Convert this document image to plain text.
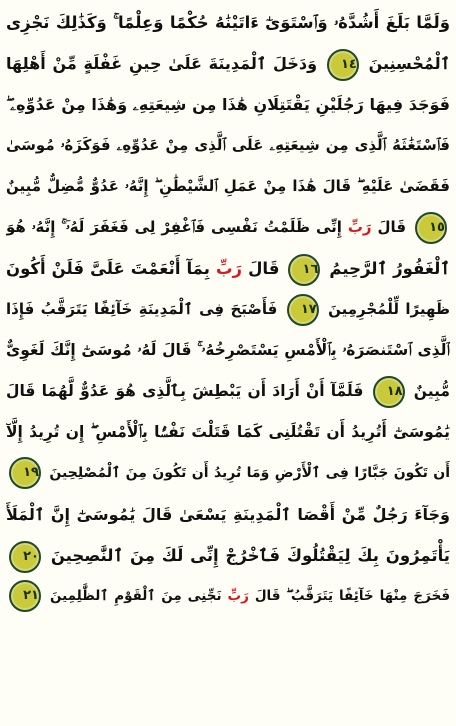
وَلَمَّا بَلَغَ أَشُدَّهُۥ وَٱسْتَوَىٰٓ ءَاتَيْنَٰهُ حُكْمًا وَعِلْمًا ۚ وَكَذَٰلِكَ نَجْزِى
ٱلْمُحْسِنِينَ ١٤ وَدَخَلَ ٱلْمَدِينَةَ عَلَىٰ حِينِ غَفْلَةٍ مِّنْ أَهْلِهَا
فَوَجَدَ فِيهَا رَجُلَيْنِ يَقْتَتِلَانِ هَٰذَا مِن شِيعَتِهِۦ وَهَٰذَا مِنْ عَدُوِّهِۦ ۖ
فَٱسْتَغَٰثَهُ ٱلَّذِى مِن شِيعَتِهِۦ عَلَى ٱلَّذِى مِنْ عَدُوِّهِۦ فَوَكَزَهُۥ مُوسَىٰ
فَقَضَىٰ عَلَيْهِ ۖ قَالَ هَٰذَا مِنْ عَمَلِ ٱلشَّيْطَٰنِ ۖ إِنَّهُۥ عَدُوٌّ مُّضِلٌّ مُّبِينٌ
١٥ قَالَ رَبِّ إِنِّى ظَلَمْتُ نَفْسِى فَٱغْفِرْ لِى فَغَفَرَ لَهُۥٓ ۚ إِنَّهُۥ هُوَ
ٱلْغَفُورُ ٱلرَّحِيمُ ١٦ قَالَ رَبِّ بِمَآ أَنْعَمْتَ عَلَىَّ فَلَنْ أَكُونَ
ظَهِيرًا لِّلْمُجْرِمِينَ ١٧ فَأَصْبَحَ فِى ٱلْمَدِينَةِ خَآئِفًا يَتَرَقَّبُ فَإِذَا
ٱلَّذِى ٱسْتَنصَرَهُۥ بِٱلْأَمْسِ يَسْتَصْرِخُهُۥ ۚ قَالَ لَهُۥ مُوسَىٰٓ إِنَّكَ لَغَوِىٌّ
مُّبِينٌ ١٨ فَلَمَّآ أَنْ أَرَادَ أَن يَبْطِشَ بِٱلَّذِى هُوَ عَدُوٌّ لَّهُمَا قَالَ
يَٰمُوسَىٰٓ أَتُرِيدُ أَن تَقْتُلَنِى كَمَا قَتَلْتَ نَفْسًۢا بِٱلْأَمْسِ ۖ إِن تُرِيدُ إِلَّآ
أَن تَكُونَ جَبَّارًا فِى ٱلْأَرْضِ وَمَا تُرِيدُ أَن تَكُونَ مِنَ ٱلْمُصْلِحِينَ ١٩
وَجَآءَ رَجُلٌ مِّنْ أَقْصَا ٱلْمَدِينَةِ يَسْعَىٰ قَالَ يَٰمُوسَىٰٓ إِنَّ ٱلْمَلَأَ
يَأْتَمِرُونَ بِكَ لِيَقْتُلُوكَ فَٱخْرُجْ إِنِّى لَكَ مِنَ ٱلنَّٰصِحِينَ ٢٠
فَخَرَجَ مِنْهَا خَآئِفًا يَتَرَقَّبُ ۖ قَالَ رَبِّ نَجِّنِى مِنَ ٱلْقَوْمِ ٱلظَّٰلِمِينَ ٢١
